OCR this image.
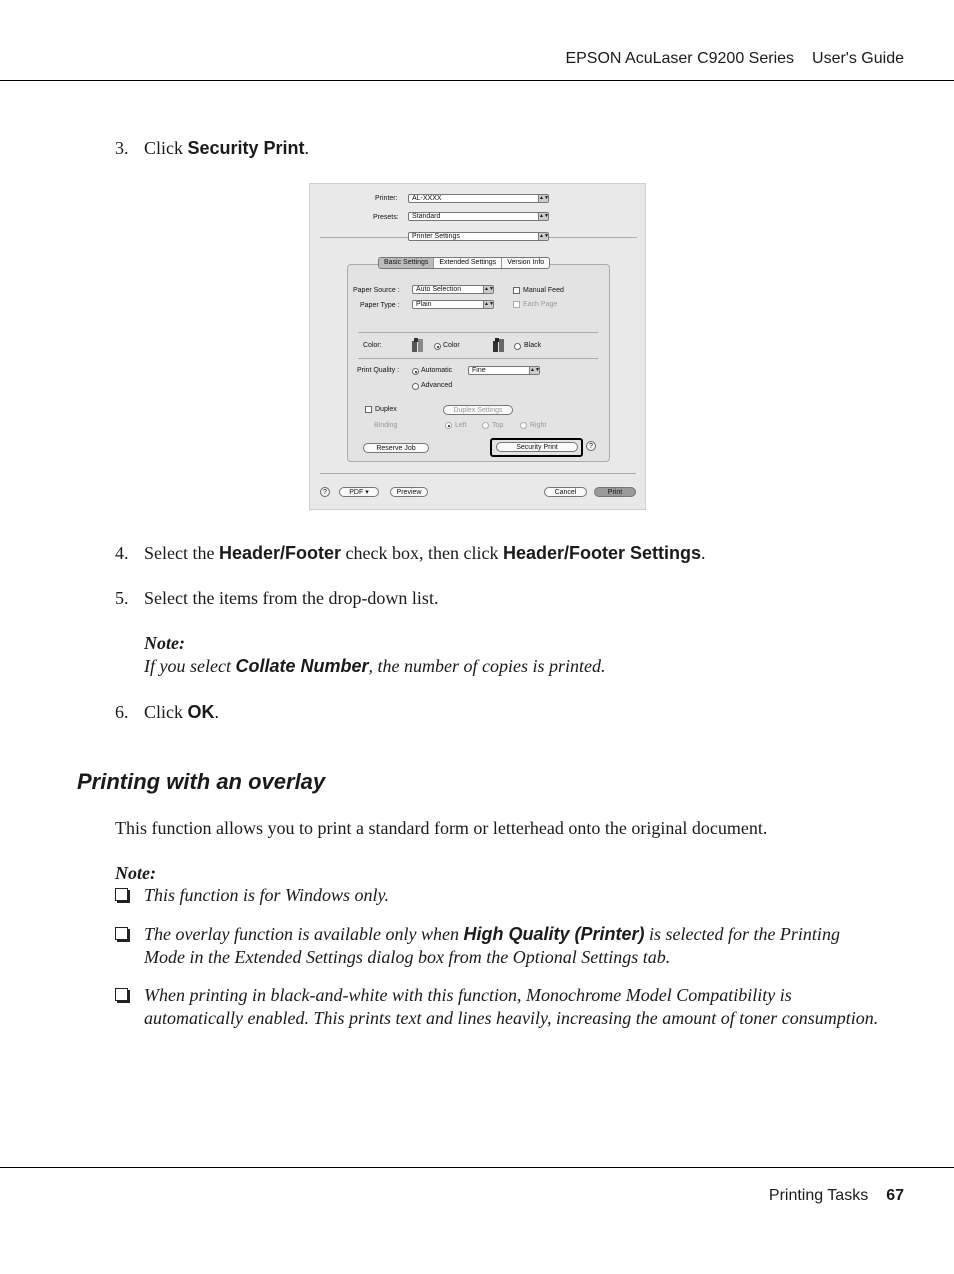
EPSON AcuLaser C9200 Series User's Guide
3. Click Security Print.
Printer:	AL-XXXX	▲▼
Presets:	Standard	▲▼
Printer Settings	▲▼
Basic Settings	Extended Settings	Version Info
Paper Source :	Auto Selection	▲▼
Paper Type :	Plain	▲▼
Manual Feed
Each Page
Color:	Color	Black
Print Quality :	Automatic	Fine	▲▼
Advanced
Duplex	Duplex Settings
Binding	Left	Top	Right
Reserve Job	Security Print	?
?	PDF ▾	Preview	Cancel	Print
4. Select the Header/Footer check box, then click Header/Footer Settings.
5. Select the items from the drop-down list.
Note:
If you select Collate Number, the number of copies is printed.
6. Click OK.
Printing with an overlay
This function allows you to print a standard form or letterhead onto the original document.
Note:
This function is for Windows only.
The overlay function is available only when High Quality (Printer) is selected for the Printing Mode in the Extended Settings dialog box from the Optional Settings tab.
When printing in black-and-white with this function, Monochrome Model Compatibility is automatically enabled. This prints text and lines heavily, increasing the amount of toner consumption.
Printing Tasks 67
